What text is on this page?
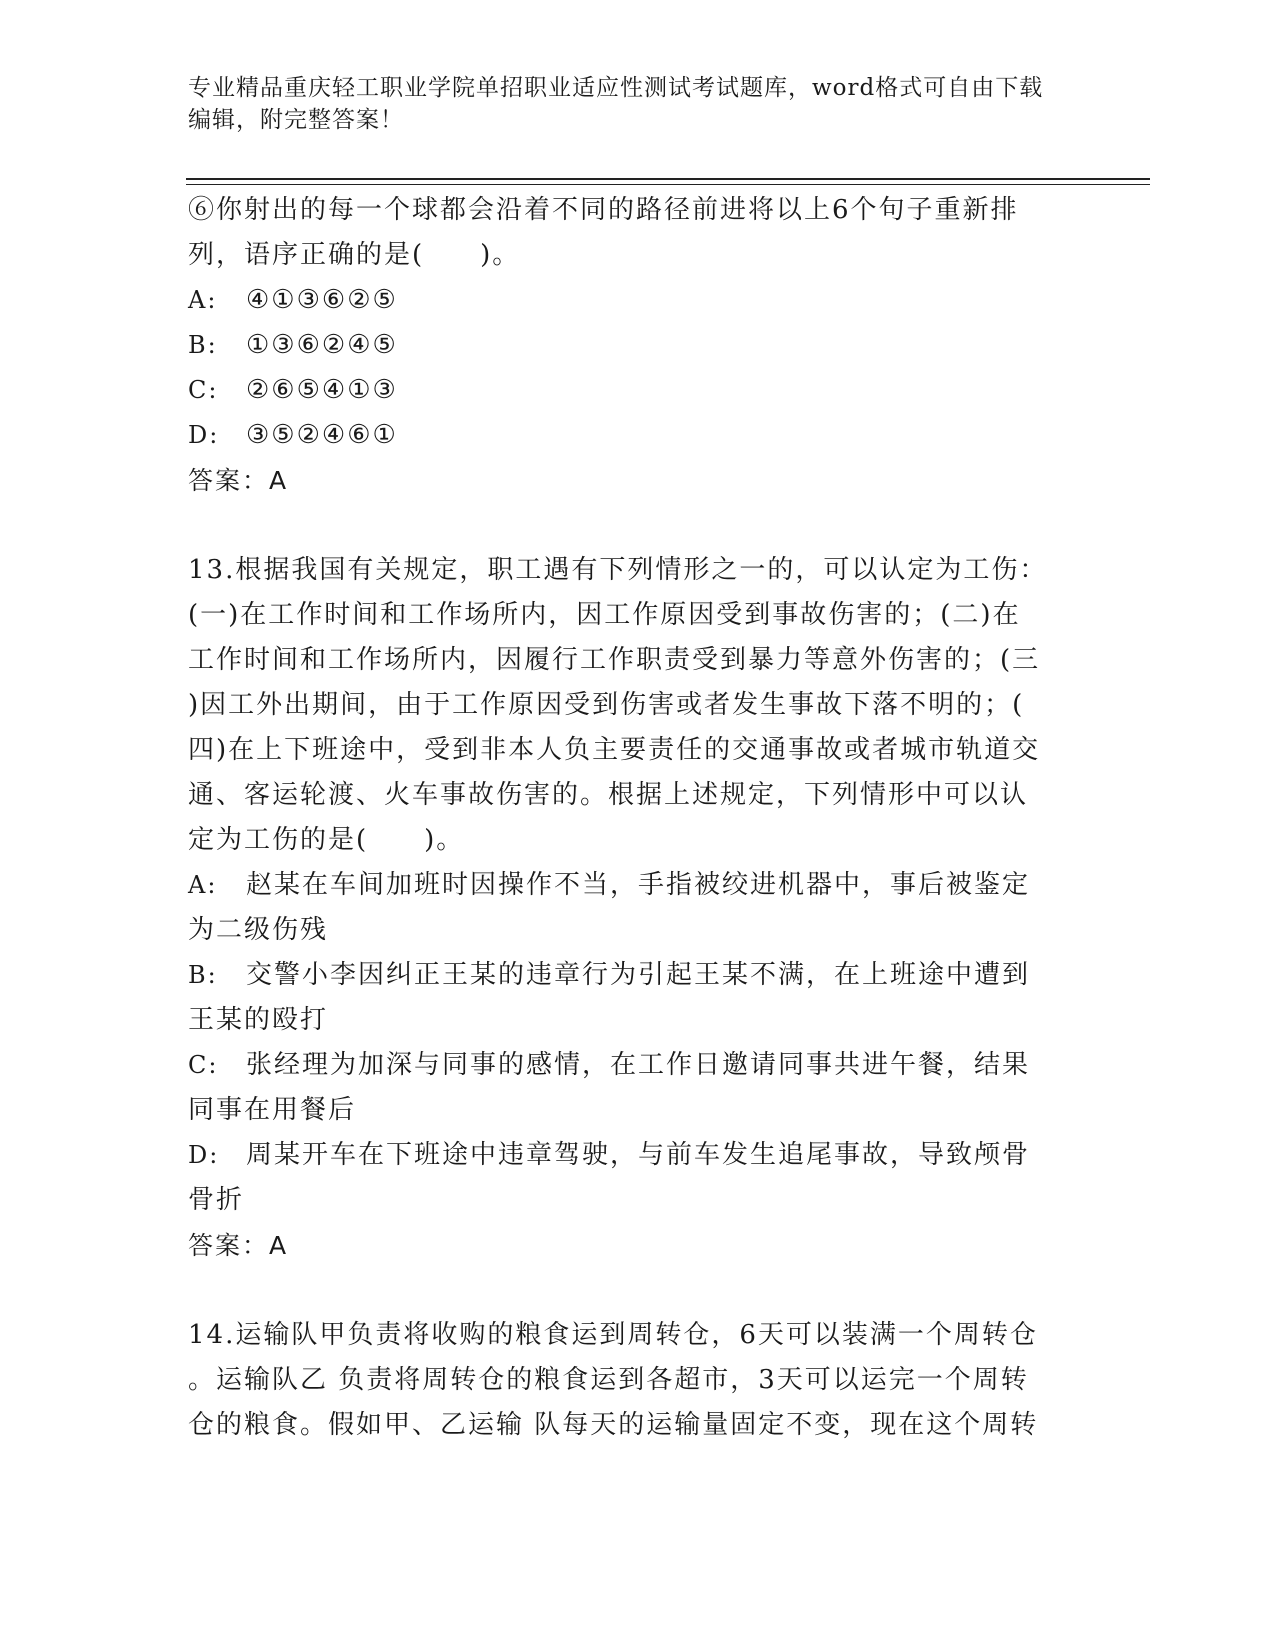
专业精品重庆轻工职业学院单招职业适应性测试考试题库，word格式可自由下载
编辑，附完整答案！
⑥你射出的每一个球都会沿着不同的路径前进将以上6个句子重新排
列，语序正确的是(　　)。
A: ④①③⑥②⑤
B: ①③⑥②④⑤
C: ②⑥⑤④①③
D: ③⑤②④⑥①
答案：A
13.根据我国有关规定，职工遇有下列情形之一的，可以认定为工伤：
(一)在工作时间和工作场所内，因工作原因受到事故伤害的；(二)在
工作时间和工作场所内，因履行工作职责受到暴力等意外伤害的；(三
)因工外出期间，由于工作原因受到伤害或者发生事故下落不明的；(
四)在上下班途中，受到非本人负主要责任的交通事故或者城市轨道交
通、客运轮渡、火车事故伤害的。根据上述规定，下列情形中可以认
定为工伤的是(　　)。
A: 赵某在车间加班时因操作不当，手指被绞进机器中，事后被鉴定
为二级伤残
B: 交警小李因纠正王某的违章行为引起王某不满，在上班途中遭到
王某的殴打
C: 张经理为加深与同事的感情，在工作日邀请同事共进午餐，结果
同事在用餐后
D: 周某开车在下班途中违章驾驶，与前车发生追尾事故，导致颅骨
骨折
答案：A
14.运输队甲负责将收购的粮食运到周转仓，6天可以装满一个周转仓
。运输队乙 负责将周转仓的粮食运到各超市，3天可以运完一个周转
仓的粮食。假如甲、乙运输 队每天的运输量固定不变，现在这个周转
